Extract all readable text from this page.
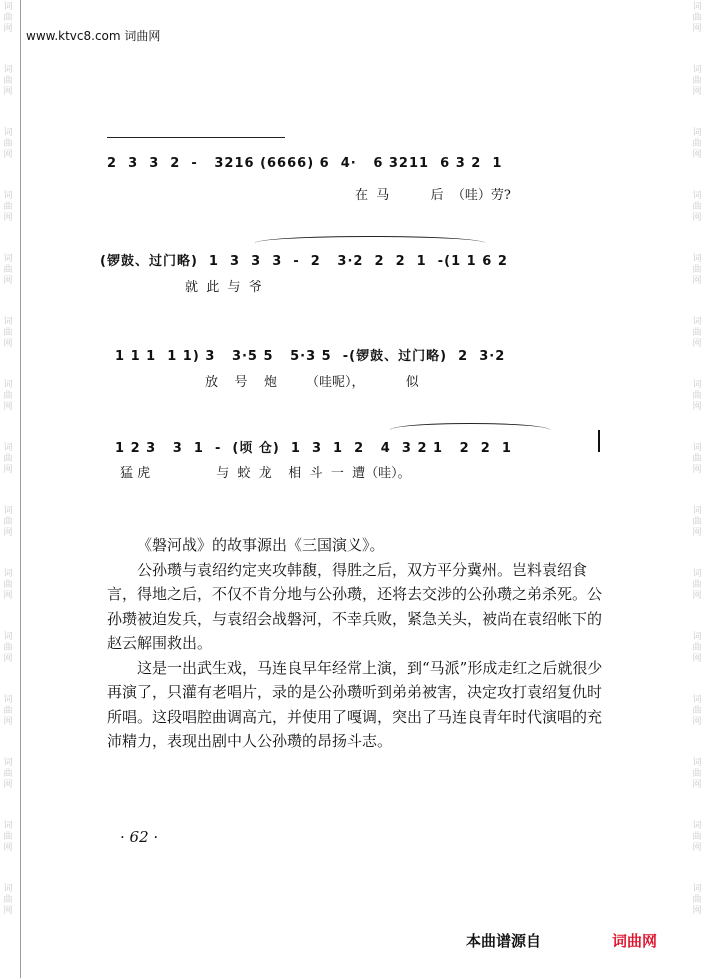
词曲网
词曲网
词曲网
词曲网
词曲网
词曲网
词曲网
词曲网
词曲网
词曲网
词曲网
词曲网
词曲网
词曲网
词曲网
词曲网
词曲网
词曲网
词曲网
词曲网
词曲网
词曲网
词曲网
词曲网
词曲网
词曲网
词曲网
词曲网
词曲网
词曲网
www.ktvc8.com 词曲网
2  3  3  2  -   3216 (6666) 6  4·   6 3211  6 3 2  1
在  马          后  （哇）劳?
(锣鼓、过门略)  1  3  3  3  -  2   3·2  2  2  1  -(1 1 6 2
就  此  与  爷
1 1 1  1 1) 3   3·5 5   5·3 5  -(锣鼓、过门略)  2  3·2
放    号    炮       （哇呢），          似
1 2 3   3  1  -  (顷 仓)  1  3  1  2   4  3 2 1   2  2  1
猛 虎                与  蛟  龙    相  斗  一  遭（哇）。

《磐河战》的故事源出《三国演义》。

公孙瓒与袁绍约定夹攻韩馥，得胜之后，双方平分冀州。岂料袁绍食言，得地之后，不仅不肯分地与公孙瓒，还将去交涉的公孙瓒之弟杀死。公孙瓒被迫发兵，与袁绍会战磐河，不幸兵败，紧急关头，被尚在袁绍帐下的赵云解围救出。

这是一出武生戏，马连良早年经常上演，到“马派”形成走红之后就很少再演了，只灌有老唱片，录的是公孙瓒听到弟弟被害，决定攻打袁绍复仇时所唱。这段唱腔曲调高亢，并使用了嘎调，突出了马连良青年时代演唱的充沛精力，表现出剧中人公孙瓒的昂扬斗志。

· 62 ·
本曲谱源自	词曲网
